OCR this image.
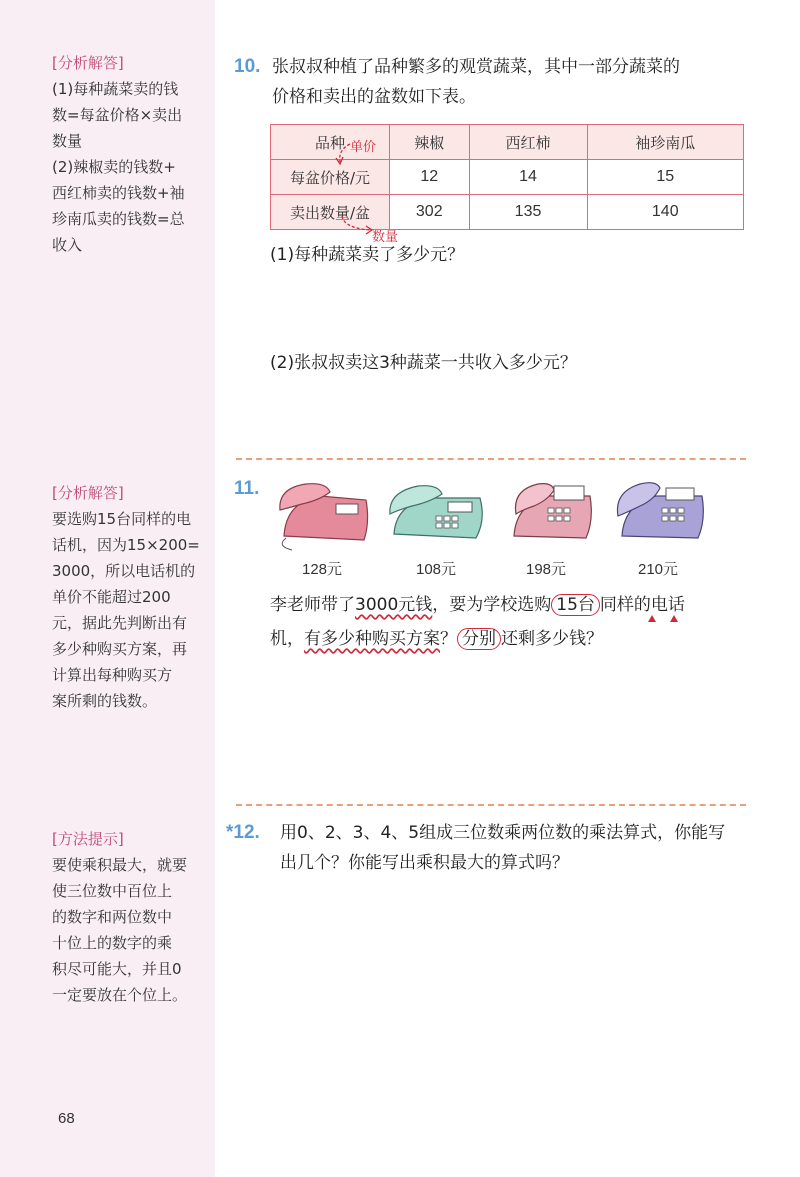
[分析解答]
(1)每种蔬菜卖的钱
数=每盆价格×卖出
数量
(2)辣椒卖的钱数+
西红柿卖的钱数+袖
珍南瓜卖的钱数=总
收入
[分析解答]
要选购15台同样的电
话机，因为15×200=
3000，所以电话机的
单价不能超过200
元，据此先判断出有
多少种购买方案，再
计算出每种购买方
案所剩的钱数。
[方法提示]
要使乘积最大，就要
使三位数中百位上
的数字和两位数中
十位上的数字的乘
积尽可能大，并且0
一定要放在个位上。
68
10. 张叔叔种植了品种繁多的观赏蔬菜，其中一部分蔬菜的
价格和卖出的盆数如下表。
品种	辣椒	西红柿	袖珍南瓜
每盆价格/元	12	14	15
卖出数量/盆	302	135	140
单价
数量
(1)每种蔬菜卖了多少元？
(2)张叔叔卖这3种蔬菜一共收入多少元？
11.
128元	108元	198元	210元
李老师带了3000元钱，要为学校选购 15台 同样的电话
机，有多少种购买方案？ 分别 还剩多少钱？
*12. 用0、2、3、4、5组成三位数乘两位数的乘法算式，你能写
出几个？你能写出乘积最大的算式吗？
